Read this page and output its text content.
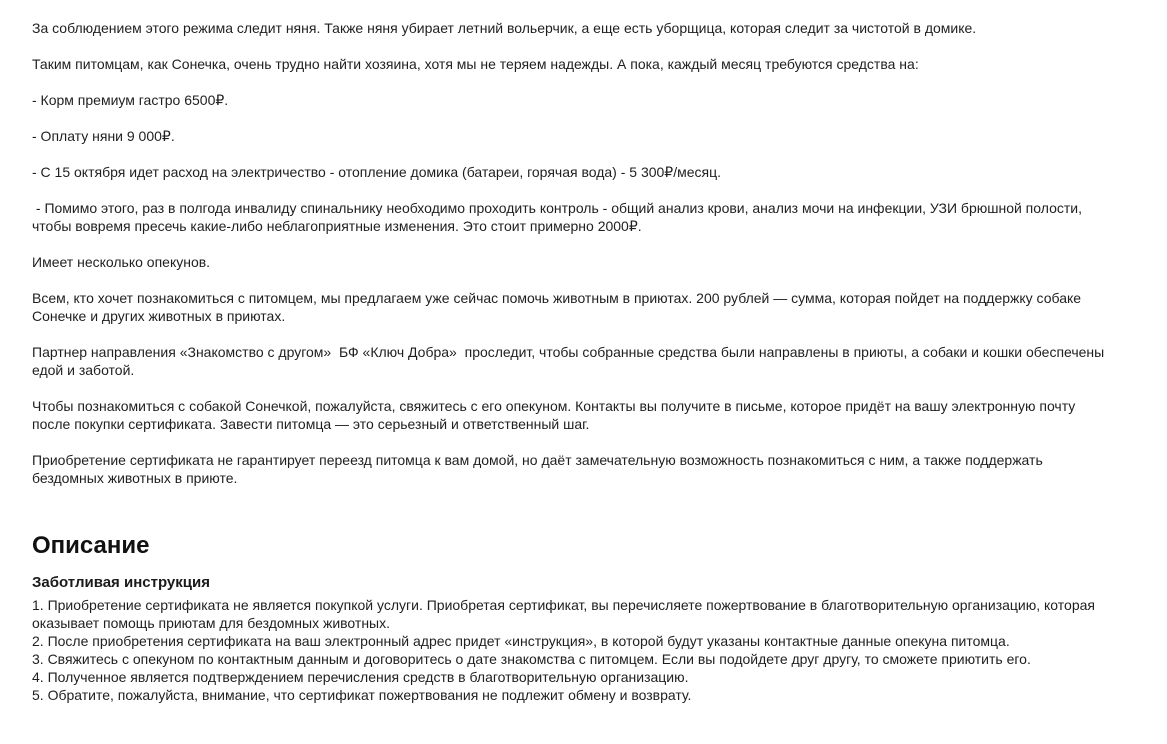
За соблюдением этого режима следит няня. Также няня убирает летний вольерчик, а еще есть уборщица, которая следит за чистотой в домике.

Таким питомцам, как Сонечка, очень трудно найти хозяина, хотя мы не теряем надежды. А пока, каждый месяц требуются средства на:

- Корм премиум гастро 6500₽.

- Оплату няни 9 000₽.

- С 15 октября идет расход на электричество - отопление домика (батареи, горячая вода) - 5 300₽/месяц.

- Помимо этого, раз в полгода инвалиду спинальнику необходимо проходить контроль - общий анализ крови, анализ мочи на инфекции, УЗИ брюшной полости, чтобы вовремя пресечь какие-либо неблагоприятные изменения. Это стоит примерно 2000₽.

Имеет несколько опекунов.

Всем, кто хочет познакомиться с питомцем, мы предлагаем уже сейчас помочь животным в приютах. 200 рублей — сумма, которая пойдет на поддержку собаке Сонечке и других животных в приютах.

Партнер направления «Знакомство с другом»  БФ «Ключ Добра»  проследит, чтобы собранные средства были направлены в приюты, а собаки и кошки обеспечены едой и заботой.

Чтобы познакомиться с собакой Сонечкой, пожалуйста, свяжитесь с его опекуном. Контакты вы получите в письме, которое придёт на вашу электронную почту после покупки сертификата. Завести питомца — это серьезный и ответственный шаг.

Приобретение сертификата не гарантирует переезд питомца к вам домой, но даёт замечательную возможность познакомиться с ним, а также поддержать бездомных животных в приюте.

Описание
Заботливая инструкция

1. Приобретение сертификата не является покупкой услуги. Приобретая сертификат, вы перечисляете пожертвование в благотворительную организацию, которая оказывает помощь приютам для бездомных животных.

2. После приобретения сертификата на ваш электронный адрес придет «инструкция», в которой будут указаны контактные данные опекуна питомца.

3. Свяжитесь с опекуном по контактным данным и договоритесь о дате знакомства с питомцем. Если вы подойдете друг другу, то сможете приютить его.

4. Полученное является подтверждением перечисления средств в благотворительную организацию.

5. Обратите, пожалуйста, внимание, что сертификат пожертвования не подлежит обмену и возврату.
